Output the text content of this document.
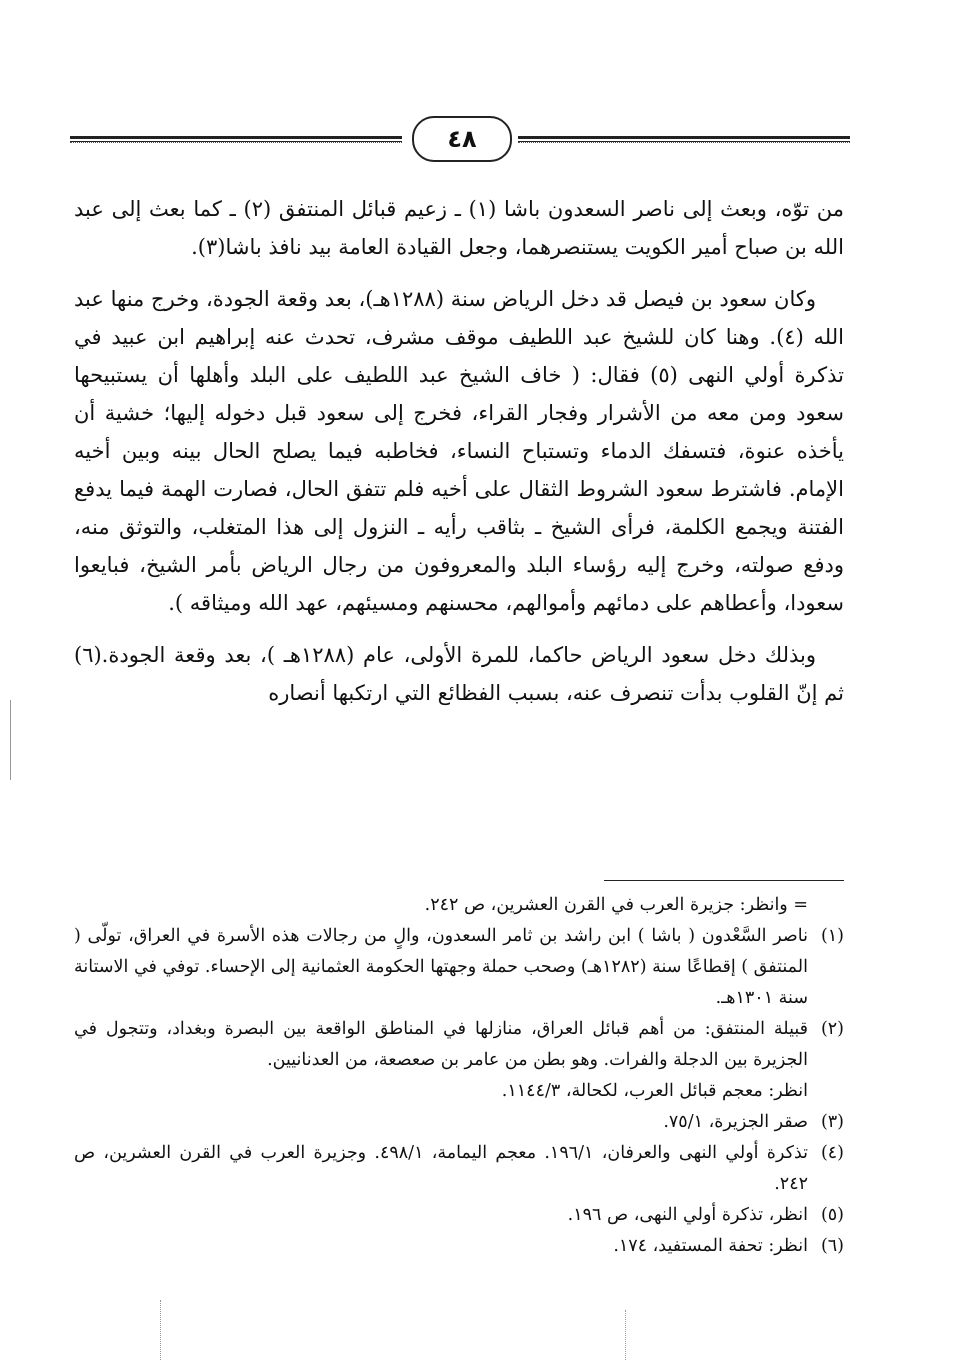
٤٨

من توّه، وبعث إلى ناصر السعدون باشا (١) ـ زعيم قبائل المنتفق (٢) ـ كما بعث إلى عبد الله بن صباح أمير الكويت يستنصرهما، وجعل القيادة العامة بيد نافذ باشا(٣).

وكان سعود بن فيصل قد دخل الرياض سنة (١٢٨٨هـ)، بعد وقعة الجودة، وخرج منها عبد الله (٤). وهنا كان للشيخ عبد اللطيف موقف مشرف، تحدث عنه إبراهيم ابن عبيد في تذكرة أولي النهى (٥) فقال: ( خاف الشيخ عبد اللطيف على البلد وأهلها أن يستبيحها سعود ومن معه من الأشرار وفجار القراء، فخرج إلى سعود قبل دخوله إليها؛ خشية أن يأخذه عنوة، فتسفك الدماء وتستباح النساء، فخاطبه فيما يصلح الحال بينه وبين أخيه الإمام. فاشترط سعود الشروط الثقال على أخيه فلم تتفق الحال، فصارت الهمة فيما يدفع الفتنة ويجمع الكلمة، فرأى الشيخ ـ بثاقب رأيه ـ النزول إلى هذا المتغلب، والتوثق منه، ودفع صولته، وخرج إليه رؤساء البلد والمعروفون من رجال الرياض بأمر الشيخ، فبايعوا سعودا، وأعطاهم على دمائهم وأموالهم، محسنهم ومسيئهم، عهد الله وميثاقه ).

وبذلك دخل سعود الرياض حاكما، للمرة الأولى، عام (١٢٨٨هـ )، بعد وقعة الجودة.(٦) ثم إنّ القلوب بدأت تنصرف عنه، بسبب الفظائع التي ارتكبها أنصاره

= وانظر: جزيرة العرب في القرن العشرين، ص ٢٤٢.
(١)
ناصر السَّعْدون ( باشا ) ابن راشد بن ثامر السعدون، والٍ من رجالات هذه الأسرة في العراق، تولّى ( المنتفق ) إقطاعًا سنة (١٢٨٢هـ) وصحب حملة وجهتها الحكومة العثمانية إلى الإحساء. توفي في الاستانة سنة ١٣٠١هـ.
(٢)
قبيلة المنتفق: من أهم قبائل العراق، منازلها في المناطق الواقعة بين البصرة وبغداد، وتتجول في الجزيرة بين الدجلة والفرات. وهو بطن من عامر بن صعصعة، من العدنانيين.
انظر: معجم قبائل العرب، لكحالة، ١١٤٤/٣.
(٣)
صقر الجزيرة، ٧٥/١.
(٤)
تذكرة أولي النهى والعرفان، ١٩٦/١. معجم اليمامة، ٤٩٨/١. وجزيرة العرب في القرن العشرين، ص ٢٤٢.
(٥)
انظر، تذكرة أولي النهى، ص ١٩٦.
(٦)
انظر: تحفة المستفيد، ١٧٤.
